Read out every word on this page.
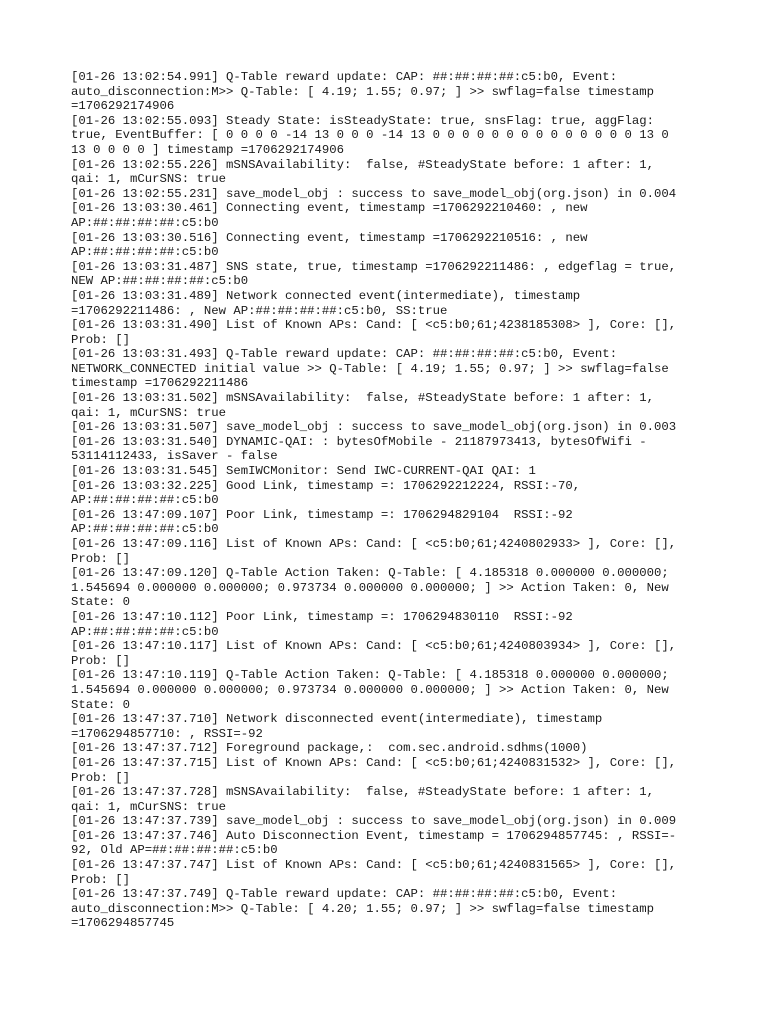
[01-26 13:02:54.991] Q-Table reward update: CAP: ##:##:##:##:c5:b0, Event:
auto_disconnection:M>> Q-Table: [ 4.19; 1.55; 0.97; ] >> swflag=false timestamp
=1706292174906
[01-26 13:02:55.093] Steady State: isSteadyState: true, snsFlag: true, aggFlag:
true, EventBuffer: [ 0 0 0 0 -14 13 0 0 0 -14 13 0 0 0 0 0 0 0 0 0 0 0 0 0 0 13 0
13 0 0 0 0 ] timestamp =1706292174906
[01-26 13:02:55.226] mSNSAvailability:  false, #SteadyState before: 1 after: 1,
qai: 1, mCurSNS: true
[01-26 13:02:55.231] save_model_obj : success to save_model_obj(org.json) in 0.004
[01-26 13:03:30.461] Connecting event, timestamp =1706292210460: , new
AP:##:##:##:##:c5:b0
[01-26 13:03:30.516] Connecting event, timestamp =1706292210516: , new
AP:##:##:##:##:c5:b0
[01-26 13:03:31.487] SNS state, true, timestamp =1706292211486: , edgeflag = true,
NEW AP:##:##:##:##:c5:b0
[01-26 13:03:31.489] Network connected event(intermediate), timestamp
=1706292211486: , New AP:##:##:##:##:c5:b0, SS:true
[01-26 13:03:31.490] List of Known APs: Cand: [ <c5:b0;61;4238185308> ], Core: [],
Prob: []
[01-26 13:03:31.493] Q-Table reward update: CAP: ##:##:##:##:c5:b0, Event:
NETWORK_CONNECTED initial value >> Q-Table: [ 4.19; 1.55; 0.97; ] >> swflag=false
timestamp =1706292211486
[01-26 13:03:31.502] mSNSAvailability:  false, #SteadyState before: 1 after: 1,
qai: 1, mCurSNS: true
[01-26 13:03:31.507] save_model_obj : success to save_model_obj(org.json) in 0.003
[01-26 13:03:31.540] DYNAMIC-QAI: : bytesOfMobile - 21187973413, bytesOfWifi -
53114112433, isSaver - false
[01-26 13:03:31.545] SemIWCMonitor: Send IWC-CURRENT-QAI QAI: 1
[01-26 13:03:32.225] Good Link, timestamp =: 1706292212224, RSSI:-70,
AP:##:##:##:##:c5:b0
[01-26 13:47:09.107] Poor Link, timestamp =: 1706294829104  RSSI:-92
AP:##:##:##:##:c5:b0
[01-26 13:47:09.116] List of Known APs: Cand: [ <c5:b0;61;4240802933> ], Core: [],
Prob: []
[01-26 13:47:09.120] Q-Table Action Taken: Q-Table: [ 4.185318 0.000000 0.000000;
1.545694 0.000000 0.000000; 0.973734 0.000000 0.000000; ] >> Action Taken: 0, New
State: 0
[01-26 13:47:10.112] Poor Link, timestamp =: 1706294830110  RSSI:-92
AP:##:##:##:##:c5:b0
[01-26 13:47:10.117] List of Known APs: Cand: [ <c5:b0;61;4240803934> ], Core: [],
Prob: []
[01-26 13:47:10.119] Q-Table Action Taken: Q-Table: [ 4.185318 0.000000 0.000000;
1.545694 0.000000 0.000000; 0.973734 0.000000 0.000000; ] >> Action Taken: 0, New
State: 0
[01-26 13:47:37.710] Network disconnected event(intermediate), timestamp
=1706294857710: , RSSI=-92
[01-26 13:47:37.712] Foreground package,:  com.sec.android.sdhms(1000)
[01-26 13:47:37.715] List of Known APs: Cand: [ <c5:b0;61;4240831532> ], Core: [],
Prob: []
[01-26 13:47:37.728] mSNSAvailability:  false, #SteadyState before: 1 after: 1,
qai: 1, mCurSNS: true
[01-26 13:47:37.739] save_model_obj : success to save_model_obj(org.json) in 0.009
[01-26 13:47:37.746] Auto Disconnection Event, timestamp = 1706294857745: , RSSI=-
92, Old AP=##:##:##:##:c5:b0
[01-26 13:47:37.747] List of Known APs: Cand: [ <c5:b0;61;4240831565> ], Core: [],
Prob: []
[01-26 13:47:37.749] Q-Table reward update: CAP: ##:##:##:##:c5:b0, Event:
auto_disconnection:M>> Q-Table: [ 4.20; 1.55; 0.97; ] >> swflag=false timestamp
=1706294857745
